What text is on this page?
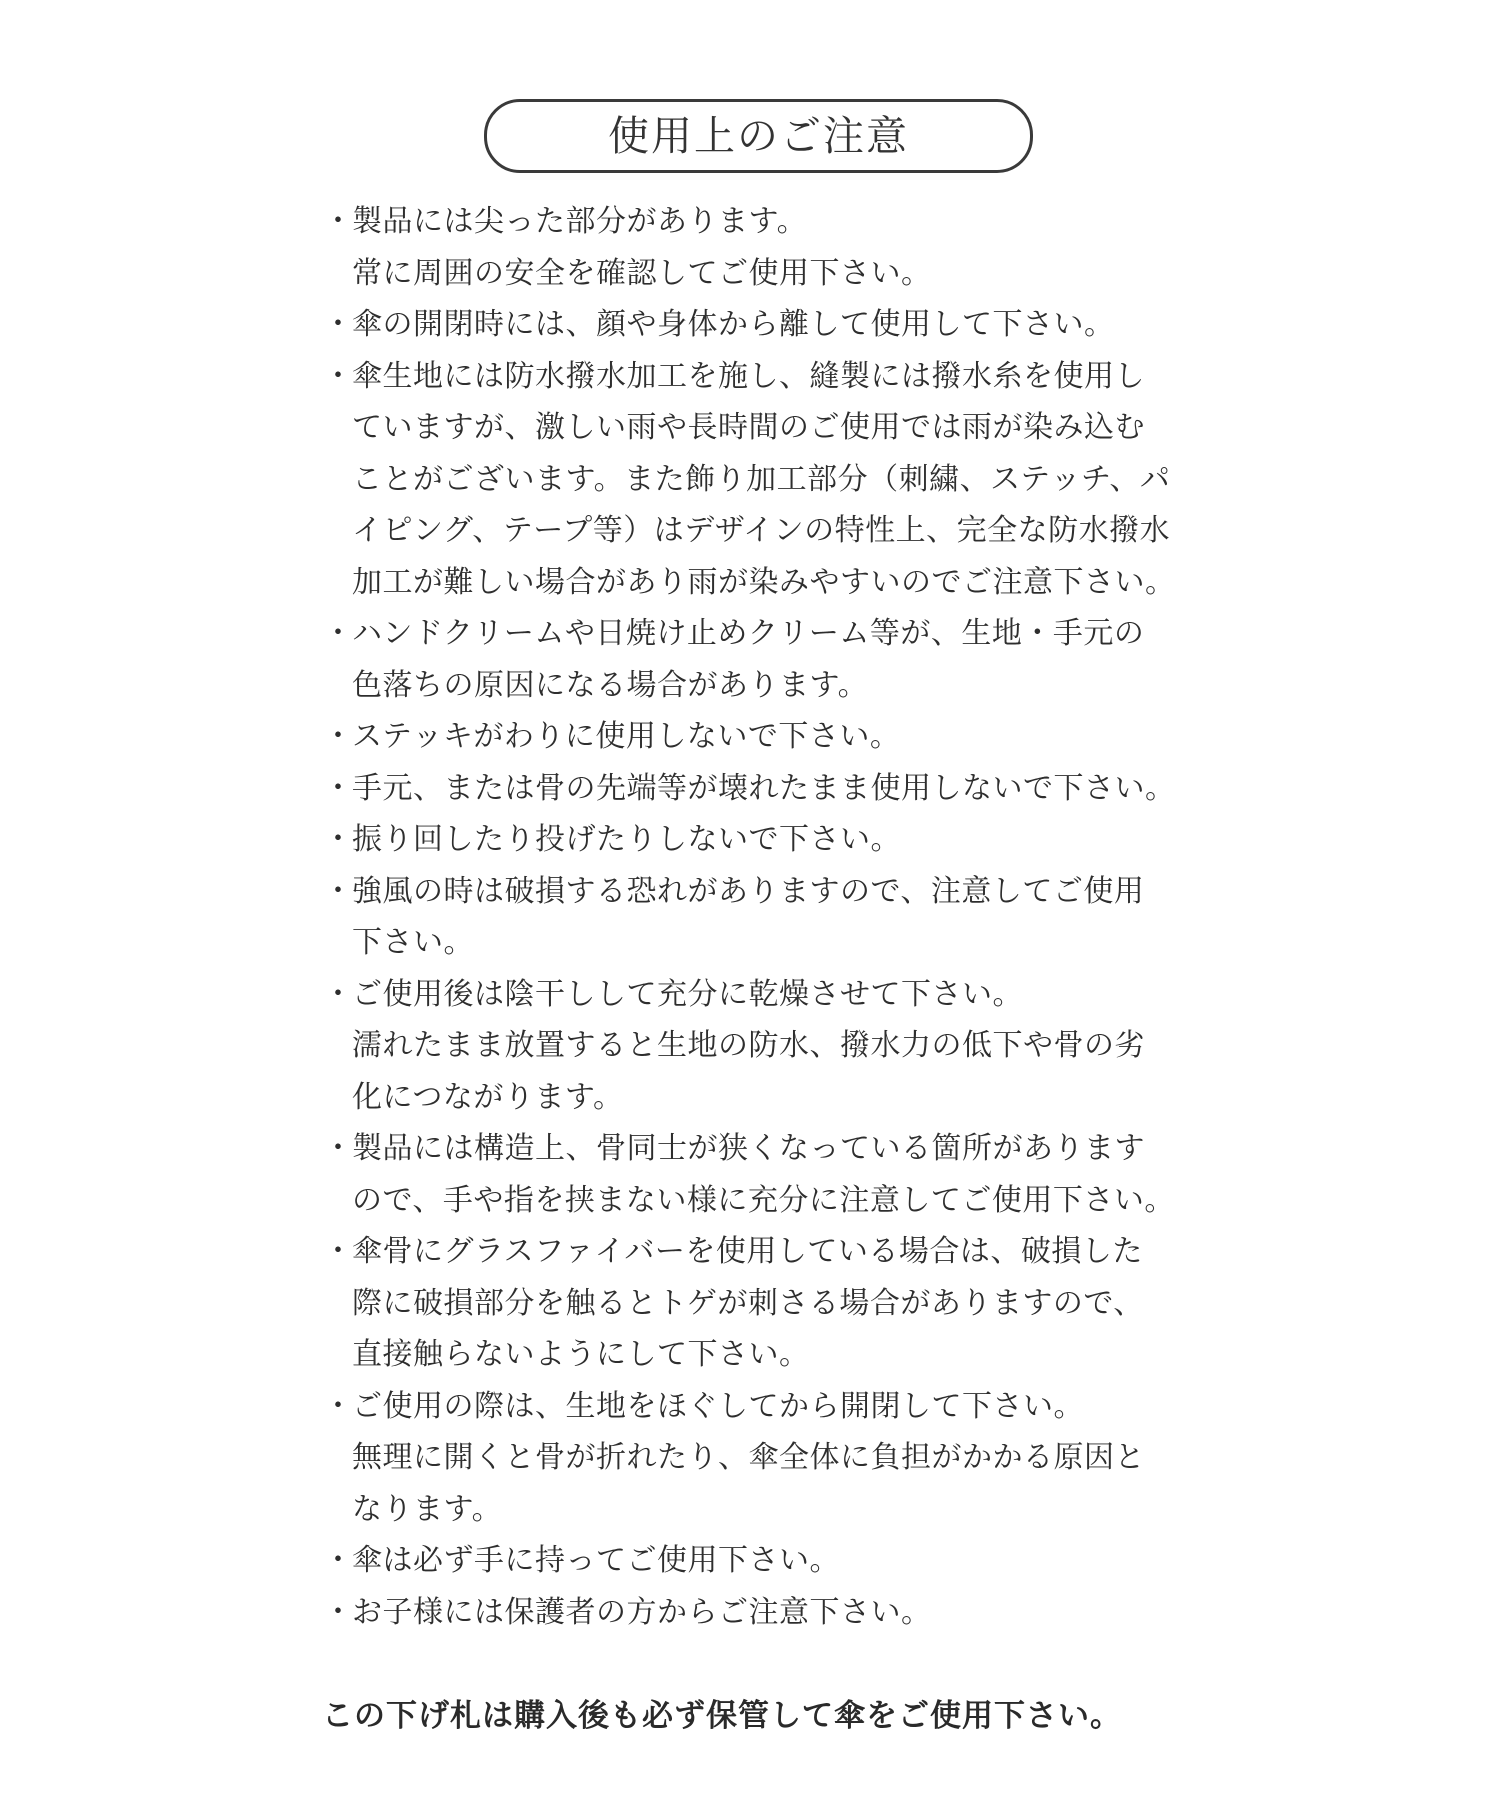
使用上のご注意
・ 製品には尖った部分があります。
常に周囲の安全を確認してご使用下さい。
・ 傘の開閉時には、顔や身体から離して使用して下さい。
・ 傘生地には防水撥水加工を施し、縫製には撥水糸を使用し
ていますが、激しい雨や長時間のご使用では雨が染み込む
ことがございます。また飾り加工部分（刺繍、ステッチ、パ
イピング、テープ等）はデザインの特性上、完全な防水撥水
加工が難しい場合があり雨が染みやすいのでご注意下さい。
・ ハンドクリームや日焼け止めクリーム等が、生地・手元の
色落ちの原因になる場合があります。
・ ステッキがわりに使用しないで下さい。
・ 手元、または骨の先端等が壊れたまま使用しないで下さい。
・ 振り回したり投げたりしないで下さい。
・ 強風の時は破損する恐れがありますので、注意してご使用
下さい。
・ ご使用後は陰干しして充分に乾燥させて下さい。
濡れたまま放置すると生地の防水、撥水力の低下や骨の劣
化につながります。
・ 製品には構造上、骨同士が狭くなっている箇所があります
ので、手や指を挟まない様に充分に注意してご使用下さい。
・ 傘骨にグラスファイバーを使用している場合は、破損した
際に破損部分を触るとトゲが刺さる場合がありますので、
直接触らないようにして下さい。
・ ご使用の際は、生地をほぐしてから開閉して下さい。
無理に開くと骨が折れたり、傘全体に負担がかかる原因と
なります。
・ 傘は必ず手に持ってご使用下さい。
・ お子様には保護者の方からご注意下さい。
この下げ札は購入後も必ず保管して傘をご使用下さい。
